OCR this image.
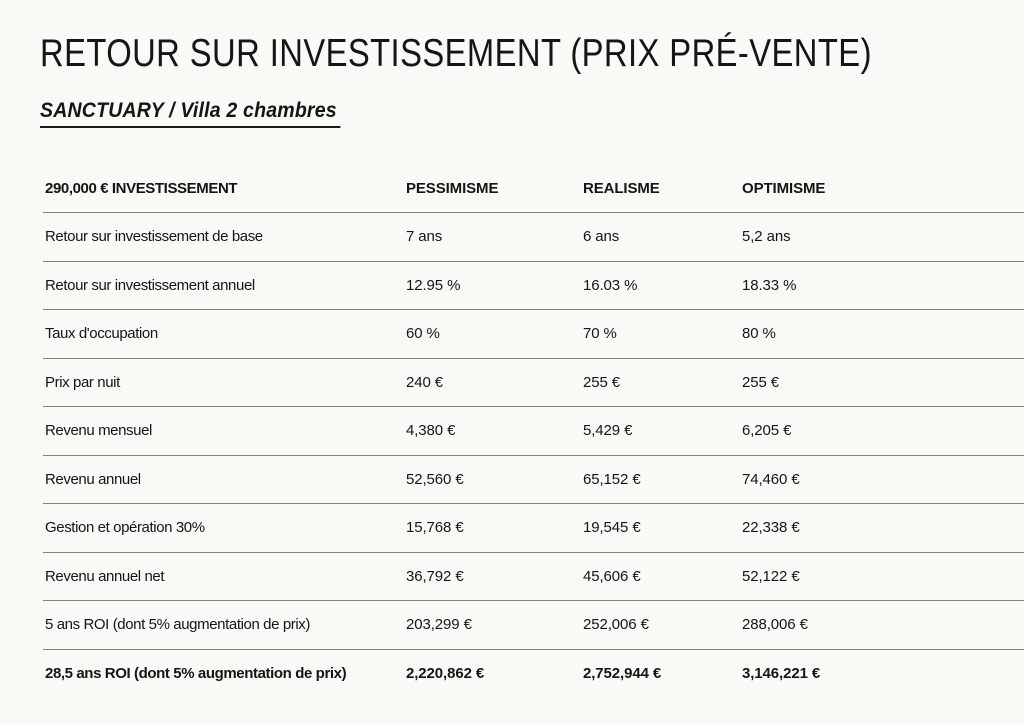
RETOUR SUR INVESTISSEMENT (PRIX PRÉ-VENTE)

SANCTUARY / Villa 2 chambres
290,000 € INVESTISSEMENT	PESSIMISME	REALISME	OPTIMISME
Retour sur investissement de base	7 ans	6 ans	5,2 ans
Retour sur investissement annuel	12.95 %	16.03 %	18.33 %
Taux d'occupation	60 %	70 %	80 %
Prix par nuit	240 €	255 €	255 €
Revenu mensuel	4,380 €	5,429 €	6,205 €
Revenu annuel	52,560 €	65,152 €	74,460 €
Gestion et opération 30%	15,768 €	19,545 €	22,338 €
Revenu annuel net	36,792 €	45,606 €	52,122 €
5 ans ROI (dont 5% augmentation de prix)	203,299 €	252,006 €	288,006 €
28,5 ans ROI (dont 5% augmentation de prix)	2,220,862 €	2,752,944 €	3,146,221 €
